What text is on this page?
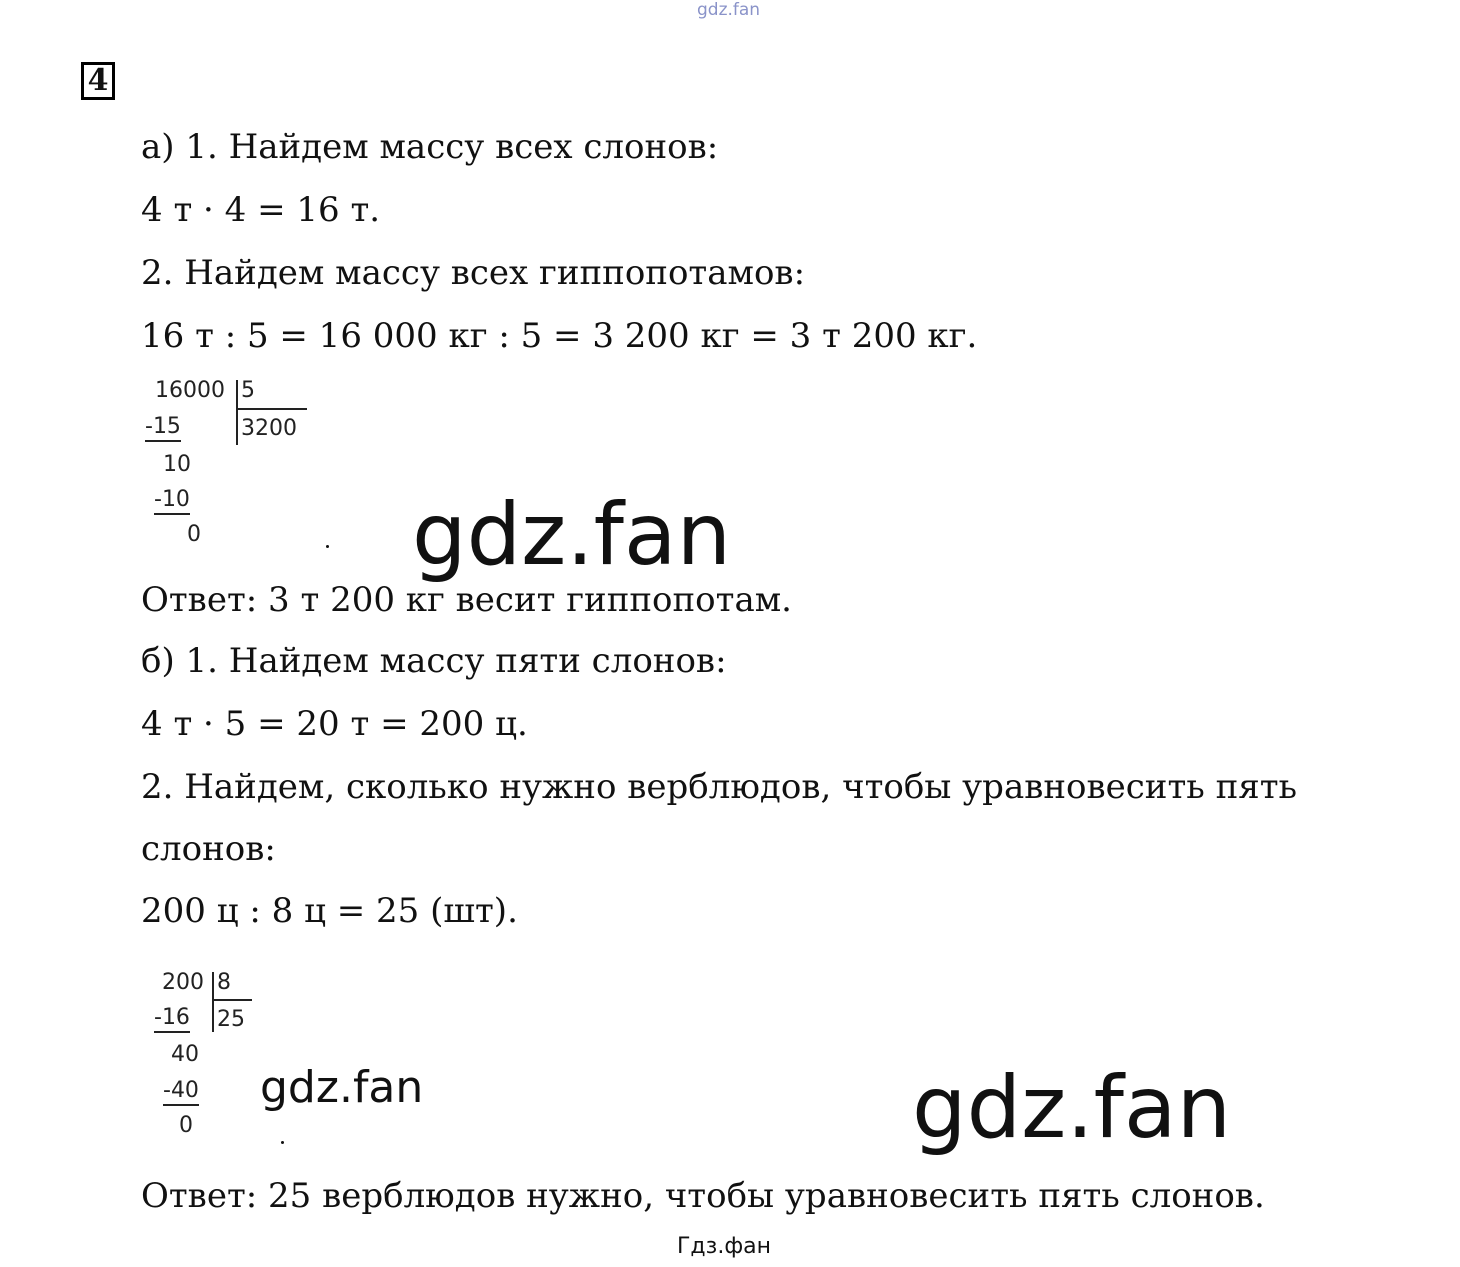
gdz.fan
4
а) 1. Найдем массу всех слонов:
4 т · 4 = 16 т.
2. Найдем массу всех гиппопотамов:
16 т : 5 = 16 000 кг : 5 = 3 200 кг = 3 т 200 кг.
16000 5
3200
-15
10
-10
0 gdz.fan
Ответ: 3 т 200 кг весит гиппопотам.
б) 1. Найдем массу пяти слонов:
4 т · 5 = 20 т = 200 ц.
2. Найдем, сколько нужно верблюдов, чтобы уравновесить пять
слонов:
200 ц : 8 ц = 25 (шт).
200 8
25
-16
40
-40
0
gdz.fan	gdz.fan
Ответ: 25 верблюдов нужно, чтобы уравновесить пять слонов.
Гдз.фан
